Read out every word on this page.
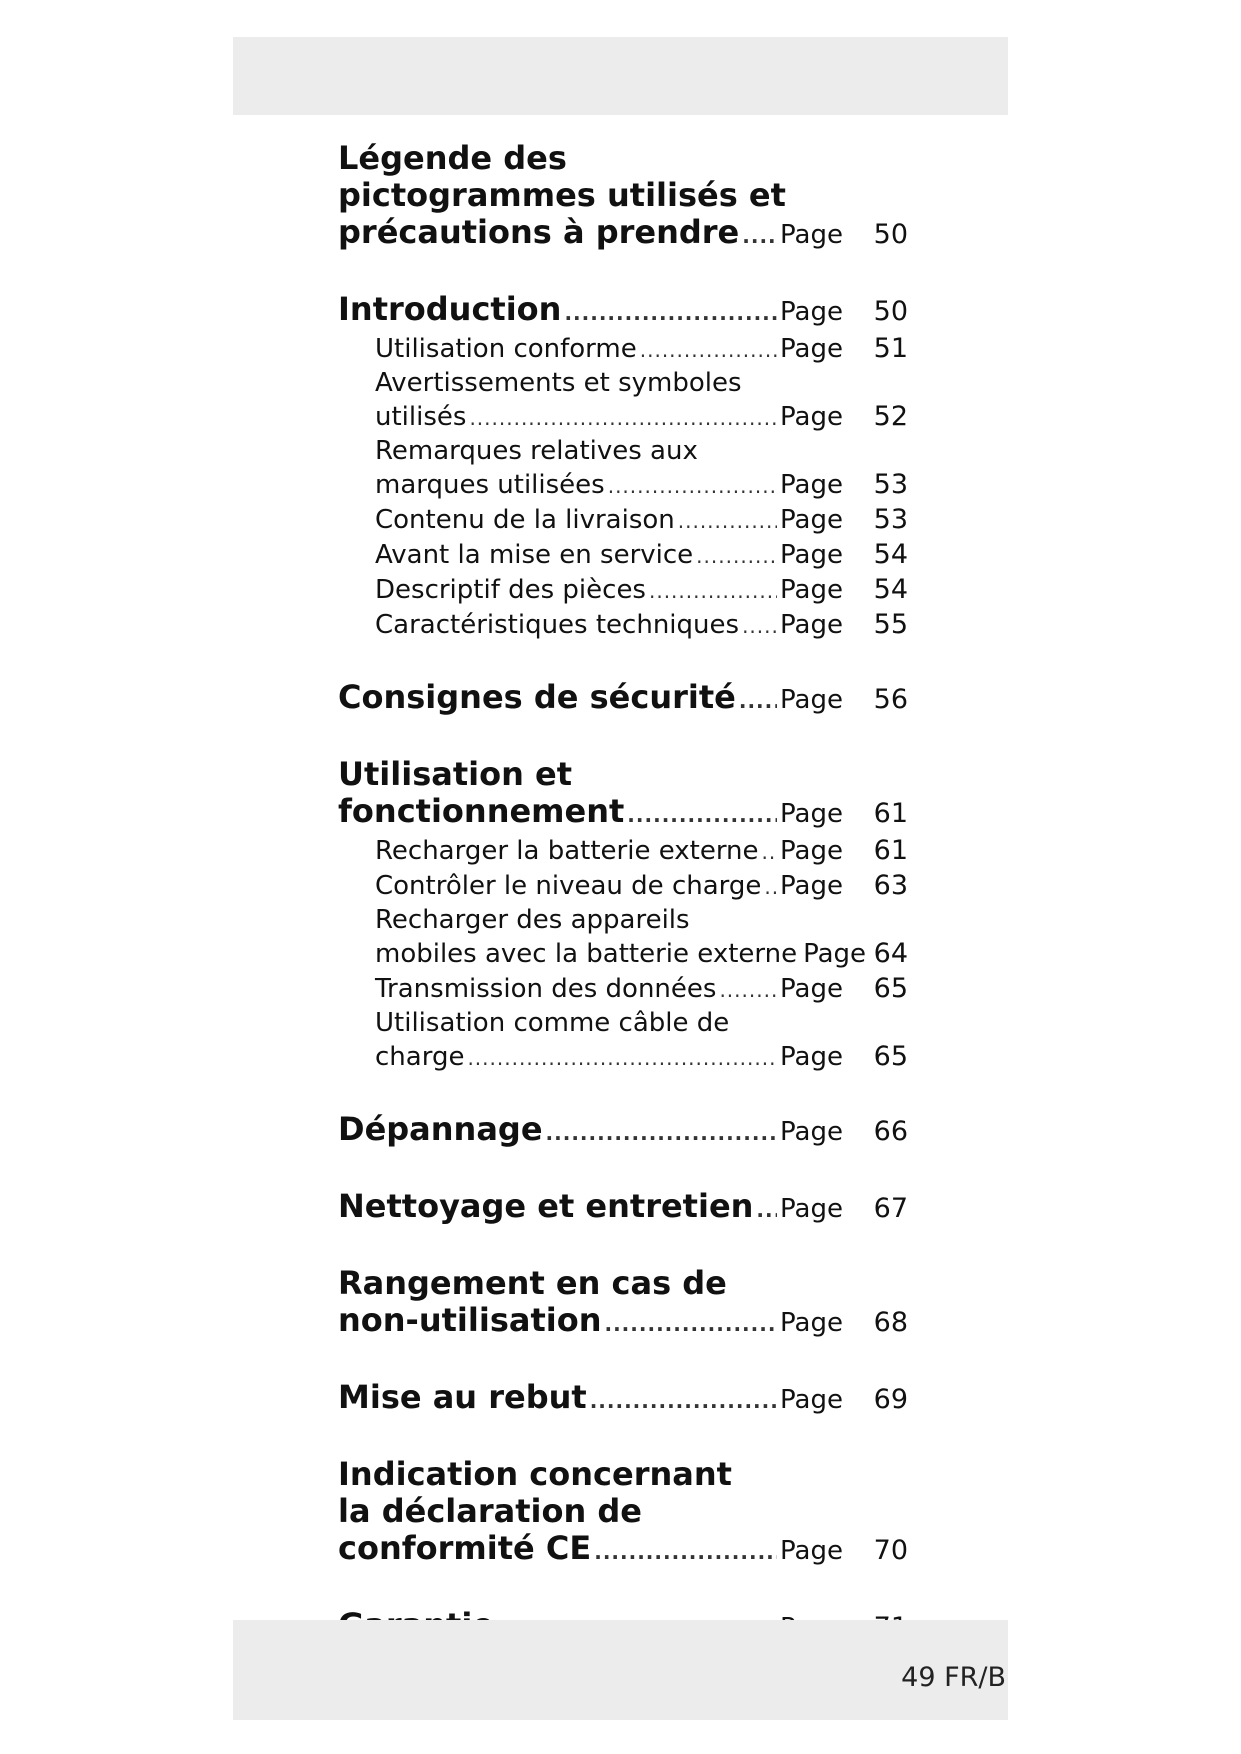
Légende des
pictogrammes utilisés et
précautions à prendre ..... Page	50
Introduction .....	Page	50
Utilisation conforme .....	Page	51
Avertissements et symboles
utilisés .....	Page	52
Remarques relatives aux
marques utilisées .....	Page	53
Contenu de la livraison .....	Page	53
Avant la mise en service .....	Page	54
Descriptif des pièces .....	Page	54
Caractéristiques techniques ..... Page	55
Consignes de sécurité ..... Page	56
Utilisation et
fonctionnement .....	Page	61
Recharger la batterie externe ..... Page	61
Contrôler le niveau de charge ..... Page	63
Recharger des appareils
mobiles avec la batterie externe Page 64
Transmission des données ..... Page	65
Utilisation comme câble de
charge .....	Page	65
Dépannage .....	Page	66
Nettoyage et entretien ..... Page	67
Rangement en cas de
non-utilisation .....	Page	68
Mise au rebut .....	Page	69
Indication concernant
la déclaration de
conformité CE .....	Page	70
.....
49 FR/B
